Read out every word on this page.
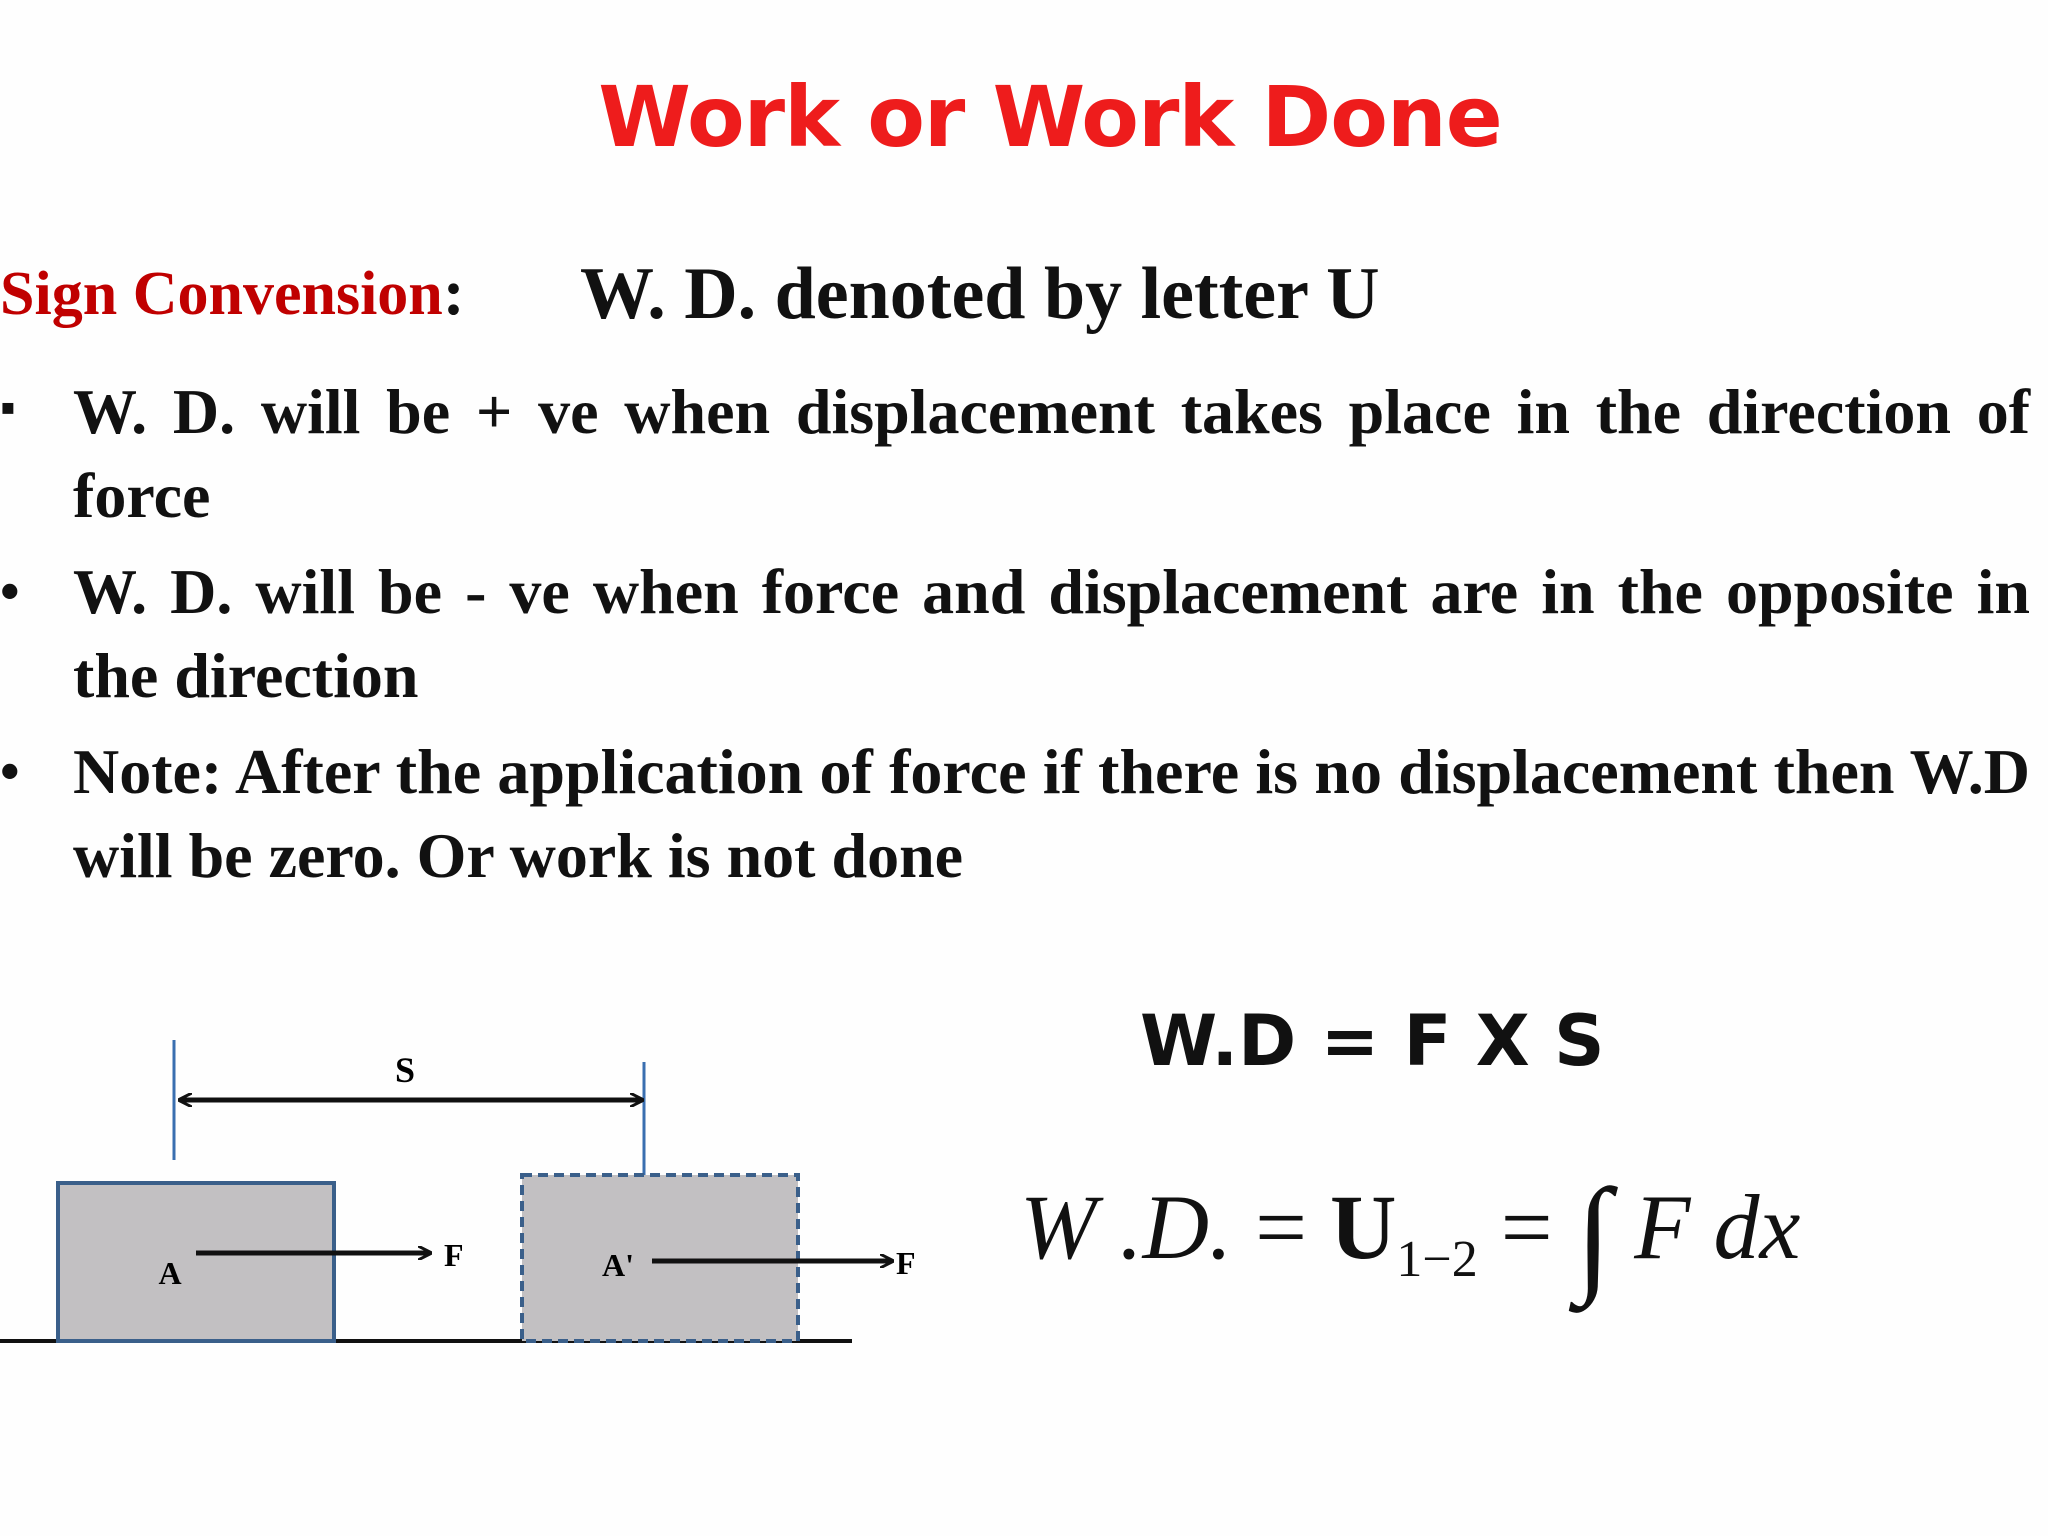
Work or Work Done
Sign Convension: W. D. denoted by letter U
▪ W. D. will be + ve when displacement takes place in the direction of force
• W. D. will be - ve when force and displacement are in the opposite in the direction
• Note: After the application of force if there is no displacement then W.D will be zero. Or work is not done
W.D = F X S
W .D. = $U_{1-2}$ = ∫ F dx
S
A	F	A'	F
